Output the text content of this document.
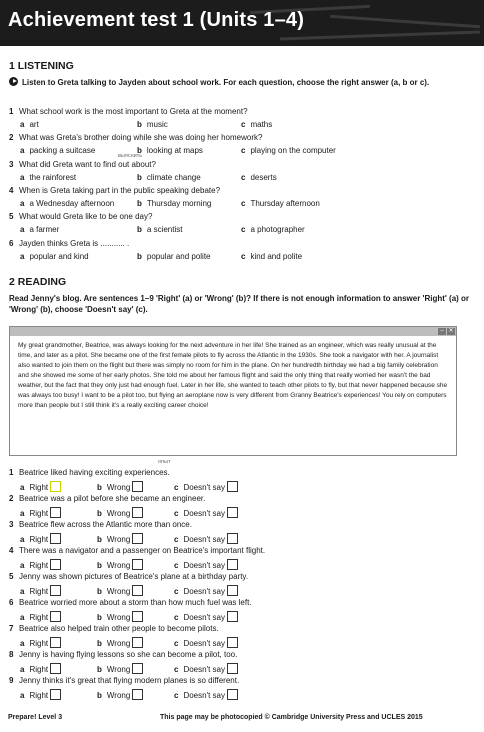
Achievement test 1 (Units 1–4)
1 LISTENING
Listen to Greta talking to Jayden about school work. For each question, choose the right answer (a, b or c).
1 What school work is the most important to Greta at the moment?
a art	b music	c maths
2 What was Greta's brother doing while she was doing her homework?
a packing a suitcase	b looking at maps	c playing on the computer
3 What did Greta want to find out about?
a the rainforest	b climate change	c deserts
4 When is Greta taking part in the public speaking debate?
a a Wednesday afternoon	b Thursday morning	c Thursday afternoon
5 What would Greta like to be one day?
a a farmer	b a scientist	c a photographer
6 Jayden thinks Greta is ........... .
a popular and kind	b popular and polite	c kind and polite
выяснить
2 READING
Read Jenny's blog. Are sentences 1–9 'Right' (a) or 'Wrong' (b)? If there is not enough information to answer 'Right' (a) or 'Wrong' (b), choose 'Doesn't say' (c).
– ✕
My great grandmother, Beatrice, was always looking for the next adventure in her life! She trained as an engineer, which was really unusual at the time, and later as a pilot. She became one of the first female pilots to fly across the Atlantic in the 1930s. She took a navigator with her. A journalist also wanted to join them on the flight but there was simply no room for him in the plane. On her hundredth birthday we had a big family celebration and she showed me some of her early photos. She told me about her famous flight and said the only thing that really worried her wasn't the bad weather, but the fact that they only just had enough fuel. Later in her life, she wanted to teach other pilots to fly, but that never happened because she was always too busy! I want to be a pilot too, but flying an aeroplane now is very different from Granny Beatrice's experiences! You rely on computers more than people but I still think it's a really exciting career choice!
опыт
1 Beatrice liked having exciting experiences.
a Right	b Wrong	c Doesn't say
2 Beatrice was a pilot before she became an engineer.
a Right	b Wrong	c Doesn't say
3 Beatrice flew across the Atlantic more than once.
a Right	b Wrong	c Doesn't say
4 There was a navigator and a passenger on Beatrice's important flight.
a Right	b Wrong	c Doesn't say
5 Jenny was shown pictures of Beatrice's plane at a birthday party.
a Right	b Wrong	c Doesn't say
6 Beatrice worried more about a storm than how much fuel was left.
a Right	b Wrong	c Doesn't say
7 Beatrice also helped train other people to become pilots.
a Right	b Wrong	c Doesn't say
8 Jenny is having flying lessons so she can become a pilot, too.
a Right	b Wrong	c Doesn't say
9 Jenny thinks it's great that flying modern planes is so different.
a Right	b Wrong	c Doesn't say
Prepare! Level 3	This page may be photocopied © Cambridge University Press and UCLES 2015
